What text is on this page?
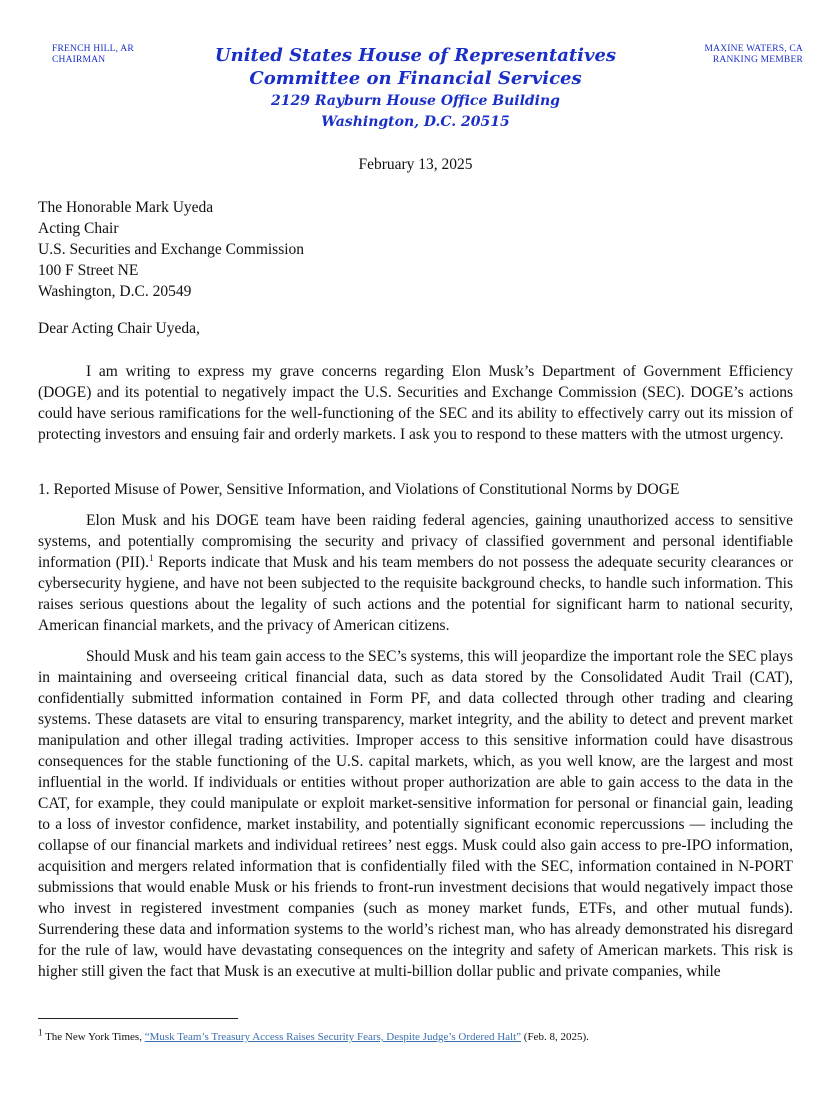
FRENCH HILL, AR
CHAIRMAN	United States House of Representatives
Committee on Financial Services
2129 Rayburn House Office Building
Washington, D.C. 20515
MAXINE WATERS, CA
RANKING MEMBER
February 13, 2025
The Honorable Mark Uyeda
Acting Chair
U.S. Securities and Exchange Commission
100 F Street NE
Washington, D.C. 20549
Dear Acting Chair Uyeda,

I am writing to express my grave concerns regarding Elon Musk’s Department of Government Efficiency (DOGE) and its potential to negatively impact the U.S. Securities and Exchange Commission (SEC). DOGE’s actions could have serious ramifications for the well-functioning of the SEC and its ability to effectively carry out its mission of protecting investors and ensuing fair and orderly markets. I ask you to respond to these matters with the utmost urgency.

1. Reported Misuse of Power, Sensitive Information, and Violations of Constitutional Norms by DOGE

Elon Musk and his DOGE team have been raiding federal agencies, gaining unauthorized access to sensitive systems, and potentially compromising the security and privacy of classified government and personal identifiable information (PII).$^1$ Reports indicate that Musk and his team members do not possess the adequate security clearances or cybersecurity hygiene, and have not been subjected to the requisite background checks, to handle such information. This raises serious questions about the legality of such actions and the potential for significant harm to national security, American financial markets, and the privacy of American citizens.

Should Musk and his team gain access to the SEC’s systems, this will jeopardize the important role the SEC plays in maintaining and overseeing critical financial data, such as data stored by the Consolidated Audit Trail (CAT), confidentially submitted information contained in Form PF, and data collected through other trading and clearing systems. These datasets are vital to ensuring transparency, market integrity, and the ability to detect and prevent market manipulation and other illegal trading activities. Improper access to this sensitive information could have disastrous consequences for the stable functioning of the U.S. capital markets, which, as you well know, are the largest and most influential in the world. If individuals or entities without proper authorization are able to gain access to the data in the CAT, for example, they could manipulate or exploit market-sensitive information for personal or financial gain, leading to a loss of investor confidence, market instability, and potentially significant economic repercussions — including the collapse of our financial markets and individual retirees’ nest eggs. Musk could also gain access to pre-IPO information, acquisition and mergers related information that is confidentially filed with the SEC, information contained in N-PORT submissions that would enable Musk or his friends to front-run investment decisions that would negatively impact those who invest in registered investment companies (such as money market funds, ETFs, and other mutual funds). Surrendering these data and information systems to the world’s richest man, who has already demonstrated his disregard for the rule of law, would have devastating consequences on the integrity and safety of American markets. This risk is higher still given the fact that Musk is an executive at multi-billion dollar public and private companies, while

$^1$ The New York Times, “Musk Team’s Treasury Access Raises Security Fears, Despite Judge’s Ordered Halt” (Feb. 8, 2025).
